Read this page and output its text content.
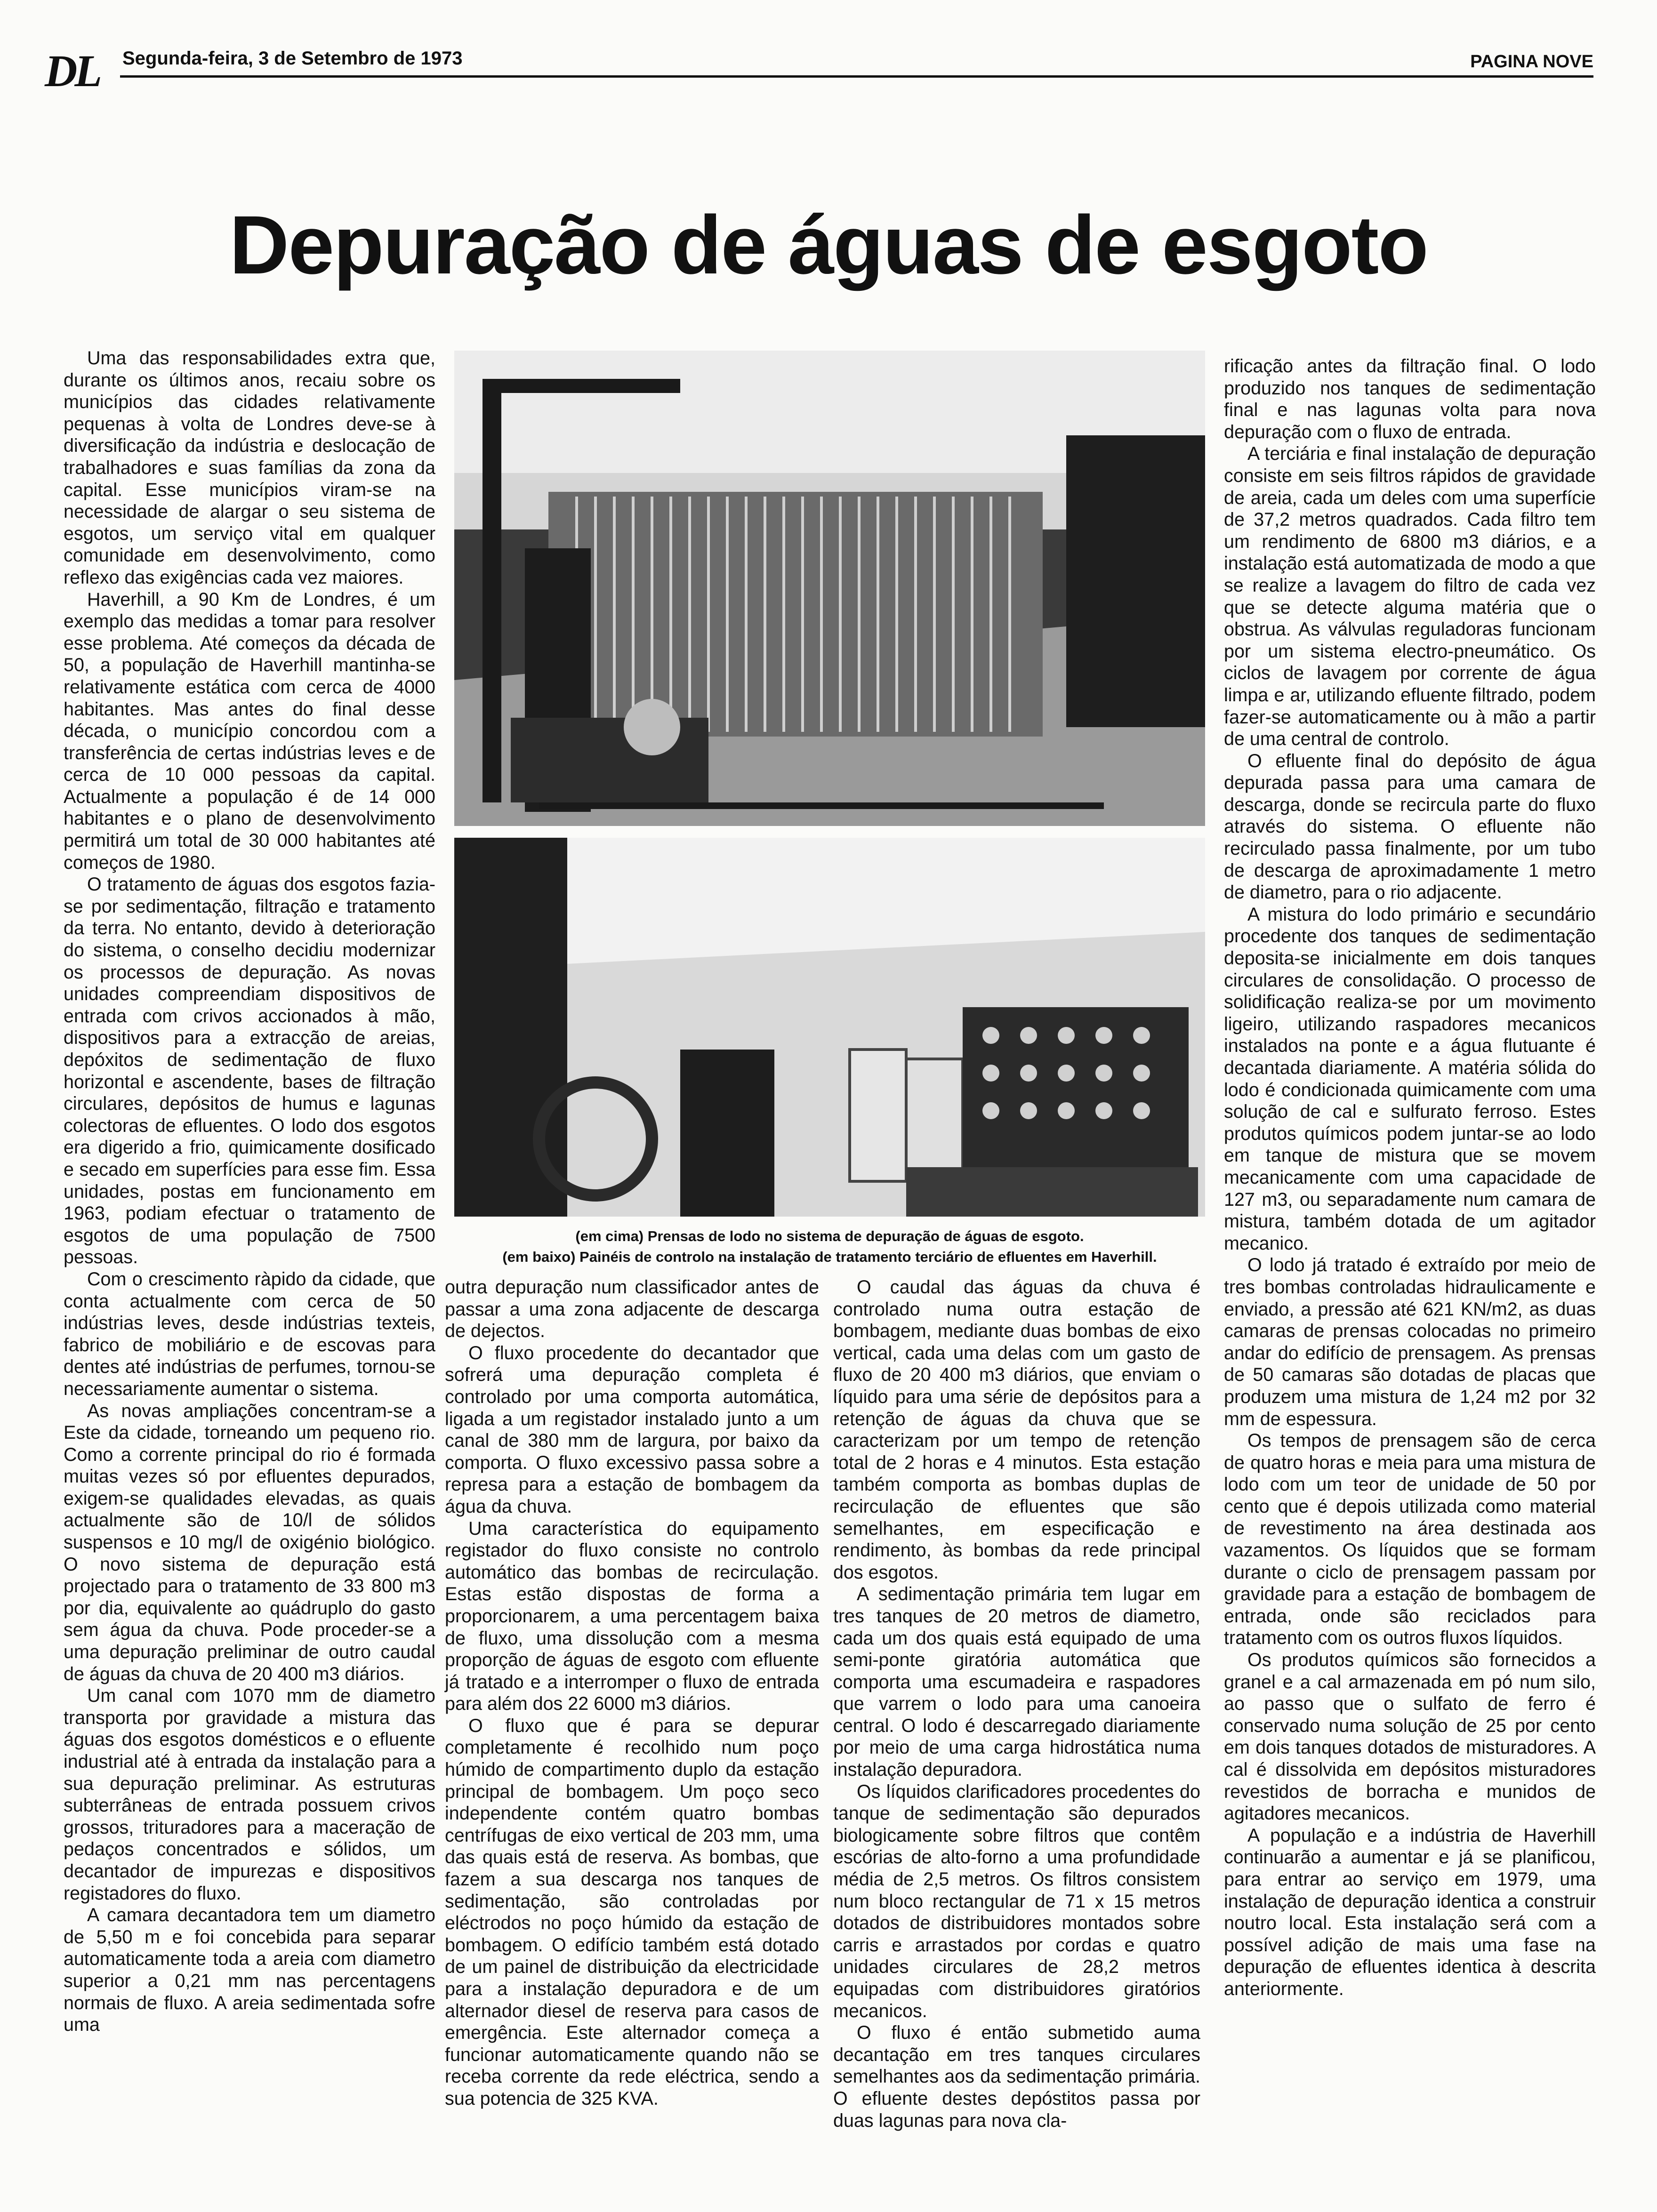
DL Segunda-feira, 3 de Setembro de 1973	PAGINA NOVE
Depuração de águas de esgoto

Uma das responsabilidades extra que, durante os últimos anos, recaiu sobre os municípios das cidades relativamente pequenas à volta de Londres deve-se à diversificação da indústria e deslocação de trabalhadores e suas famílias da zona da capital. Esse municípios viram-se na necessidade de alargar o seu sistema de esgotos, um serviço vital em qualquer comunidade em desenvolvimento, como reflexo das exigências cada vez maiores.

Haverhill, a 90 Km de Londres, é um exemplo das medidas a tomar para resolver esse problema. Até começos da década de 50, a população de Haverhill mantinha-se relativamente estática com cerca de 4000 habitantes. Mas antes do final desse década, o município concordou com a transferência de certas indústrias leves e de cerca de 10 000 pessoas da capital. Actualmente a população é de 14 000 habitantes e o plano de desenvolvimento permitirá um total de 30 000 habitantes até começos de 1980.

O tratamento de águas dos esgotos fazia-se por sedimentação, filtração e tratamento da terra. No entanto, devido à deterioração do sistema, o conselho decidiu modernizar os processos de depuração. As novas unidades compreendiam dispositivos de entrada com crivos accionados à mão, dispositivos para a extracção de areias, depóxitos de sedimentação de fluxo horizontal e ascendente, bases de filtração circulares, depósitos de humus e lagunas colectoras de efluentes. O lodo dos esgotos era digerido a frio, quimicamente dosificado e secado em superfícies para esse fim. Essa unidades, postas em funcionamento em 1963, podiam efectuar o tratamento de esgotos de uma população de 7500 pessoas.

Com o crescimento ràpido da cidade, que conta actualmente com cerca de 50 indústrias leves, desde indústrias texteis, fabrico de mobiliário e de escovas para dentes até indústrias de perfumes, tornou-se necessariamente aumentar o sistema.

As novas ampliações concentram-se a Este da cidade, torneando um pequeno rio. Como a corrente principal do rio é formada muitas vezes só por efluentes depurados, exigem-se qualidades elevadas, as quais actualmente são de 10/l de sólidos suspensos e 10 mg/l de oxigénio biológico. O novo sistema de depuração está projectado para o tratamento de 33 800 m3 por dia, equivalente ao quádruplo do gasto sem água da chuva. Pode proceder-se a uma depuração preliminar de outro caudal de águas da chuva de 20 400 m3 diários.

Um canal com 1070 mm de diametro transporta por gravidade a mistura das águas dos esgotos domésticos e o efluente industrial até à entrada da instalação para a sua depuração preliminar. As estruturas subterrâneas de entrada possuem crivos grossos, trituradores para a maceração de pedaços concentrados e sólidos, um decantador de impurezas e dispositivos registadores do fluxo.

A camara decantadora tem um diametro de 5,50 m e foi concebida para separar automaticamente toda a areia com diametro superior a 0,21 mm nas percentagens normais de fluxo. A areia sedimentada sofre uma

(em cima) Prensas de lodo no sistema de depuração de águas de esgoto.
(em baixo) Painéis de controlo na instalação de tratamento terciário de efluentes em Haverhill.

outra depuração num classificador antes de passar a uma zona adjacente de descarga de dejectos.

O fluxo procedente do decantador que sofrerá uma depuração completa é controlado por uma comporta automática, ligada a um registador instalado junto a um canal de 380 mm de largura, por baixo da comporta. O fluxo excessivo passa sobre a represa para a estação de bombagem da água da chuva.

Uma característica do equipamento registador do fluxo consiste no controlo automático das bombas de recirculação. Estas estão dispostas de forma a proporcionarem, a uma percentagem baixa de fluxo, uma dissolução com a mesma proporção de águas de esgoto com efluente já tratado e a interromper o fluxo de entrada para além dos 22 6000 m3 diários.

O fluxo que é para se depurar completamente é recolhido num poço húmido de compartimento duplo da estação principal de bombagem. Um poço seco independente contém quatro bombas centrífugas de eixo vertical de 203 mm, uma das quais está de reserva. As bombas, que fazem a sua descarga nos tanques de sedimentação, são controladas por eléctrodos no poço húmido da estação de bombagem. O edifício também está dotado de um painel de distribuição da electricidade para a instalação depuradora e de um alternador diesel de reserva para casos de emergência. Este alternador começa a funcionar automaticamente quando não se receba corrente da rede eléctrica, sendo a sua potencia de 325 KVA.

O caudal das águas da chuva é controlado numa outra estação de bombagem, mediante duas bombas de eixo vertical, cada uma delas com um gasto de fluxo de 20 400 m3 diários, que enviam o líquido para uma série de depósitos para a retenção de águas da chuva que se caracterizam por um tempo de retenção total de 2 horas e 4 minutos. Esta estação também comporta as bombas duplas de recirculação de efluentes que são semelhantes, em especificação e rendimento, às bombas da rede principal dos esgotos.

A sedimentação primária tem lugar em tres tanques de 20 metros de diametro, cada um dos quais está equipado de uma semi-ponte giratória automática que comporta uma escumadeira e raspadores que varrem o lodo para uma canoeira central. O lodo é descarregado diariamente por meio de uma carga hidrostática numa instalação depuradora.

Os líquidos clarificadores procedentes do tanque de sedimentação são depurados biologicamente sobre filtros que contêm escórias de alto-forno a uma profundidade média de 2,5 metros. Os filtros consistem num bloco rectangular de 71 x 15 metros dotados de distribuidores montados sobre carris e arrastados por cordas e quatro unidades circulares de 28,2 metros equipadas com distribuidores giratórios mecanicos.

O fluxo é então submetido auma decantação em tres tanques circulares semelhantes aos da sedimentação primária. O efluente destes depóstitos passa por duas lagunas para nova cla-

rificação antes da filtração final. O lodo produzido nos tanques de sedimentação final e nas lagunas volta para nova depuração com o fluxo de entrada.

A terciária e final instalação de depuração consiste em seis filtros rápidos de gravidade de areia, cada um deles com uma superfície de 37,2 metros quadrados. Cada filtro tem um rendimento de 6800 m3 diários, e a instalação está automatizada de modo a que se realize a lavagem do filtro de cada vez que se detecte alguma matéria que o obstrua. As válvulas reguladoras funcionam por um sistema electro-pneumático. Os ciclos de lavagem por corrente de água limpa e ar, utilizando efluente filtrado, podem fazer-se automaticamente ou à mão a partir de uma central de controlo.

O efluente final do depósito de água depurada passa para uma camara de descarga, donde se recircula parte do fluxo através do sistema. O efluente não recirculado passa finalmente, por um tubo de descarga de aproximadamente 1 metro de diametro, para o rio adjacente.

A mistura do lodo primário e secundário procedente dos tanques de sedimentação deposita-se inicialmente em dois tanques circulares de consolidação. O processo de solidificação realiza-se por um movimento ligeiro, utilizando raspadores mecanicos instalados na ponte e a água flutuante é decantada diariamente. A matéria sólida do lodo é condicionada quimicamente com uma solução de cal e sulfurato ferroso. Estes produtos químicos podem juntar-se ao lodo em tanque de mistura que se movem mecanicamente com uma capacidade de 127 m3, ou separadamente num camara de mistura, também dotada de um agitador mecanico.

O lodo já tratado é extraído por meio de tres bombas controladas hidraulicamente e enviado, a pressão até 621 KN/m2, as duas camaras de prensas colocadas no primeiro andar do edifício de prensagem. As prensas de 50 camaras são dotadas de placas que produzem uma mistura de 1,24 m2 por 32 mm de espessura.

Os tempos de prensagem são de cerca de quatro horas e meia para uma mistura de lodo com um teor de unidade de 50 por cento que é depois utilizada como material de revestimento na área destinada aos vazamentos. Os líquidos que se formam durante o ciclo de prensagem passam por gravidade para a estação de bombagem de entrada, onde são reciclados para tratamento com os outros fluxos líquidos.

Os produtos químicos são fornecidos a granel e a cal armazenada em pó num silo, ao passo que o sulfato de ferro é conservado numa solução de 25 por cento em dois tanques dotados de misturadores. A cal é dissolvida em depósitos misturadores revestidos de borracha e munidos de agitadores mecanicos.

A população e a indústria de Haverhill continuarão a aumentar e já se planificou, para entrar ao serviço em 1979, uma instalação de depuração identica a construir noutro local. Esta instalação será com a possível adição de mais uma fase na depuração de efluentes identica à descrita anteriormente.
